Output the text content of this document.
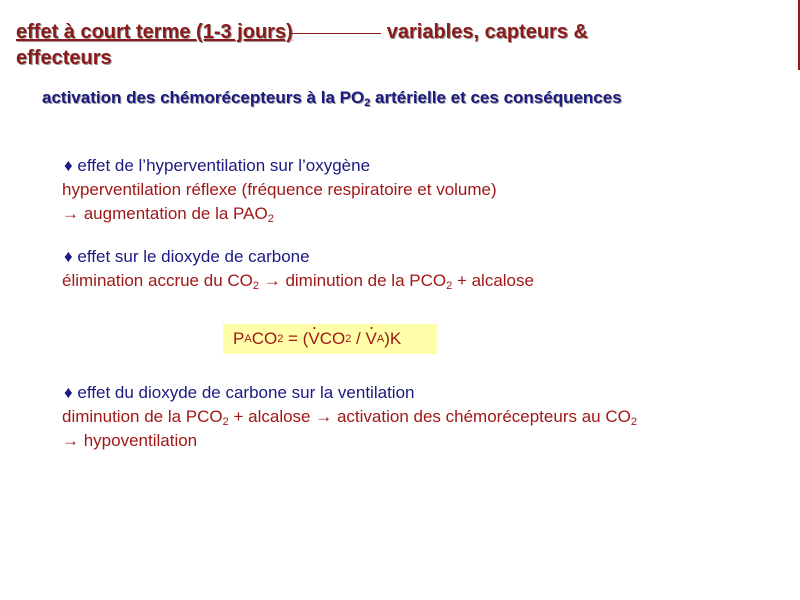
effet à court terme (1-3 jours)	variables, capteurs &
effecteurs
activation des chémorécepteurs à la $PO_2$ artérielle et ces conséquences
♦ effet de l’hyperventilation sur l’oxygène
hyperventilation réflexe (fréquence respiratoire et volume)
→ augmentation de la $PAO_2$
♦ effet sur le dioxyde de carbone
élimination accrue du $CO_2$ → diminution de la $PCO_2$ + alcalose
P A CO 2 = ( · V CO 2 / · V A )K
♦ effet du dioxyde de carbone sur la ventilation
diminution de la $PCO_2$ + alcalose → activation des chémorécepteurs au $CO_2$
→ hypoventilation
